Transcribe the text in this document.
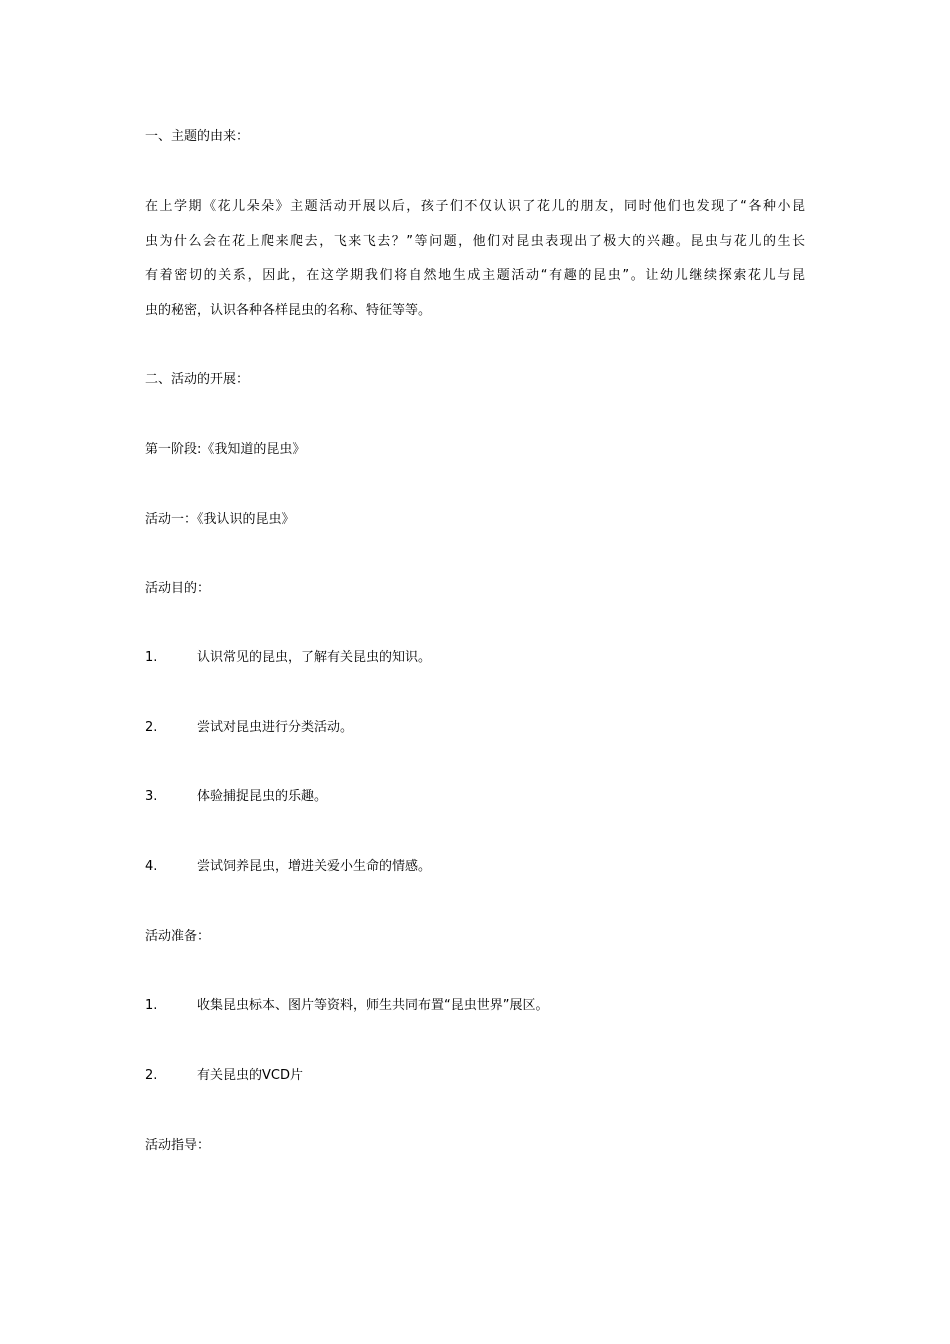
一、主题的由来：
在上学期《花儿朵朵》主题活动开展以后，孩子们不仅认识了花儿的朋友，同时他们也发现了“各种小昆
虫为什么会在花上爬来爬去，飞来飞去？”等问题，他们对昆虫表现出了极大的兴趣。昆虫与花儿的生长
有着密切的关系，因此，在这学期我们将自然地生成主题活动“有趣的昆虫”。让幼儿继续探索花儿与昆
虫的秘密，认识各种各样昆虫的名称、特征等等。
二、活动的开展：
第一阶段:《我知道的昆虫》
活动一：《我认识的昆虫》
活动目的：
1.	认识常见的昆虫，了解有关昆虫的知识。
2.	尝试对昆虫进行分类活动。
3.	体验捕捉昆虫的乐趣。
4.	尝试饲养昆虫，增进关爱小生命的情感。
活动准备：
1.	收集昆虫标本、图片等资料，师生共同布置“昆虫世界”展区。
2.	有关昆虫的VCD片
活动指导：
